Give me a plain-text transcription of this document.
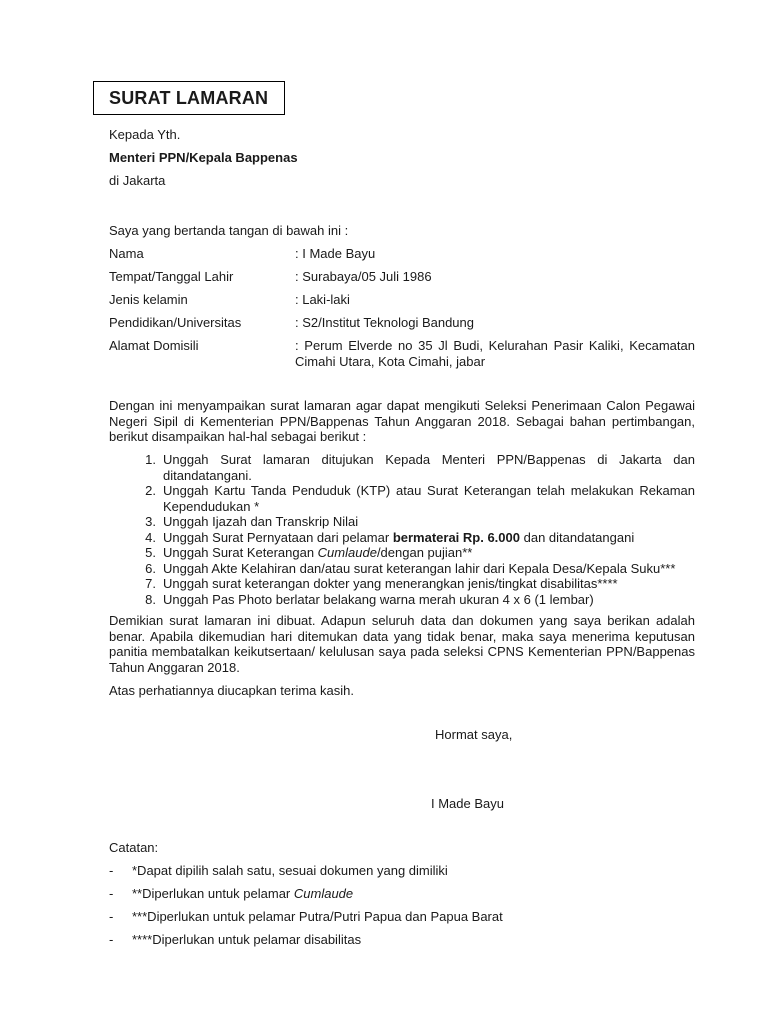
SURAT LAMARAN
Kepada Yth.
Menteri PPN/Kepala Bappenas
di Jakarta
Saya yang bertanda tangan di bawah ini :
Nama	: I Made Bayu
Tempat/Tanggal Lahir	: Surabaya/05 Juli 1986
Jenis kelamin	: Laki-laki
Pendidikan/Universitas	: S2/Institut Teknologi Bandung
Alamat Domisili	: Perum Elverde no 35 Jl Budi, Kelurahan Pasir Kaliki, Kecamatan Cimahi Utara, Kota Cimahi, jabar
Dengan ini menyampaikan surat lamaran agar dapat mengikuti Seleksi Penerimaan Calon Pegawai Negeri Sipil di Kementerian PPN/Bappenas Tahun Anggaran 2018. Sebagai bahan pertimbangan, berikut disampaikan hal-hal sebagai berikut :
1. Unggah Surat lamaran ditujukan Kepada Menteri PPN/Bappenas di Jakarta dan ditandatangani.
2. Unggah Kartu Tanda Penduduk (KTP) atau Surat Keterangan telah melakukan Rekaman Kependudukan *
3. Unggah Ijazah dan Transkrip Nilai
4. Unggah Surat Pernyataan dari pelamar bermaterai Rp. 6.000 dan ditandatangani
5. Unggah Surat Keterangan Cumlaude/dengan pujian**
6. Unggah Akte Kelahiran dan/atau surat keterangan lahir dari Kepala Desa/Kepala Suku***
7. Unggah surat keterangan dokter yang menerangkan jenis/tingkat disabilitas****
8. Unggah Pas Photo berlatar belakang warna merah ukuran 4 x 6 (1 lembar)
Demikian surat lamaran ini dibuat. Adapun seluruh data dan dokumen yang saya berikan adalah benar. Apabila dikemudian hari ditemukan data yang tidak benar, maka saya menerima keputusan panitia membatalkan keikutsertaan/ kelulusan saya pada seleksi CPNS Kementerian PPN/Bappenas Tahun Anggaran 2018.
Atas perhatiannya diucapkan terima kasih.
Hormat saya,
I Made Bayu
Catatan:
- *Dapat dipilih salah satu, sesuai dokumen yang dimiliki
- **Diperlukan untuk pelamar Cumlaude
- ***Diperlukan untuk pelamar Putra/Putri Papua dan Papua Barat
- ****Diperlukan untuk pelamar disabilitas
